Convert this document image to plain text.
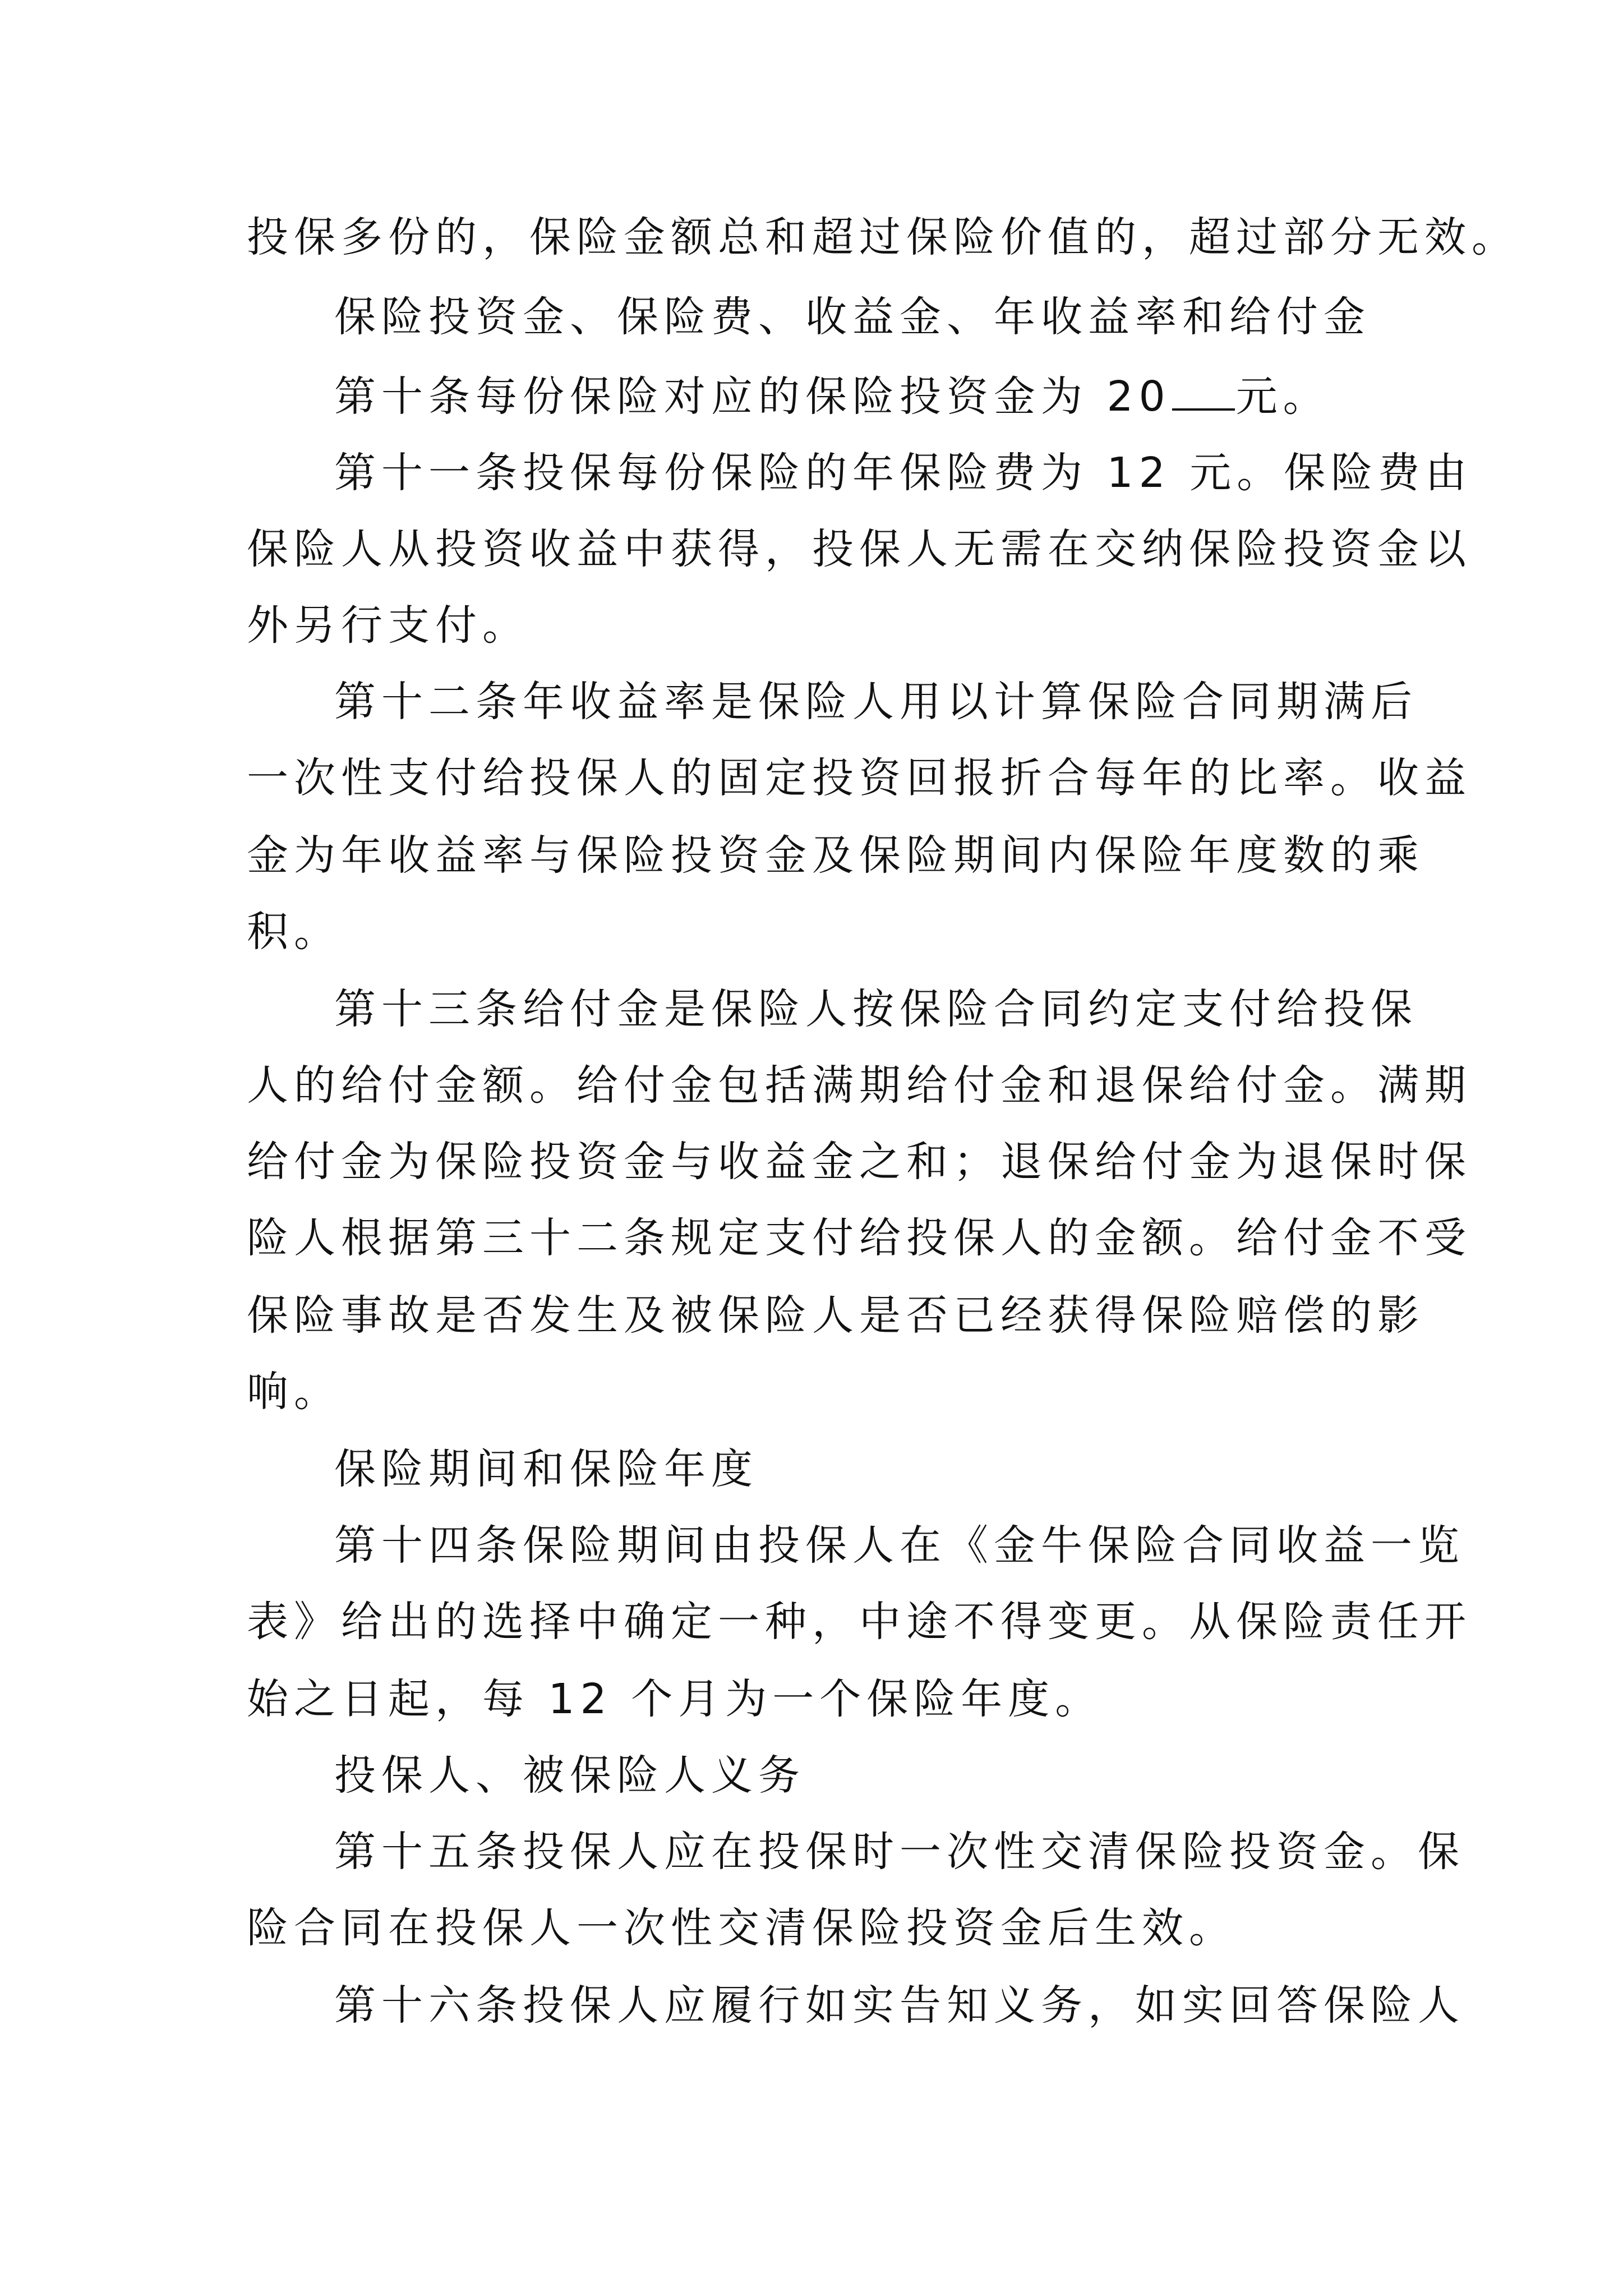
投保多份的，保险金额总和超过保险价值的，超过部分无效。
保险投资金、保险费、收益金、年收益率和给付金
第十条每份保险对应的保险投资金为 20 元。
第十一条投保每份保险的年保险费为 12 元。保险费由
保险人从投资收益中获得，投保人无需在交纳保险投资金以
外另行支付。
第十二条年收益率是保险人用以计算保险合同期满后
一次性支付给投保人的固定投资回报折合每年的比率。收益
金为年收益率与保险投资金及保险期间内保险年度数的乘
积。
第十三条给付金是保险人按保险合同约定支付给投保
人的给付金额。给付金包括满期给付金和退保给付金。满期
给付金为保险投资金与收益金之和；退保给付金为退保时保
险人根据第三十二条规定支付给投保人的金额。给付金不受
保险事故是否发生及被保险人是否已经获得保险赔偿的影
响。
保险期间和保险年度
第十四条保险期间由投保人在《金牛保险合同收益一览
表》给出的选择中确定一种，中途不得变更。从保险责任开
始之日起，每 12 个月为一个保险年度。
投保人、被保险人义务
第十五条投保人应在投保时一次性交清保险投资金。保
险合同在投保人一次性交清保险投资金后生效。
第十六条投保人应履行如实告知义务，如实回答保险人
